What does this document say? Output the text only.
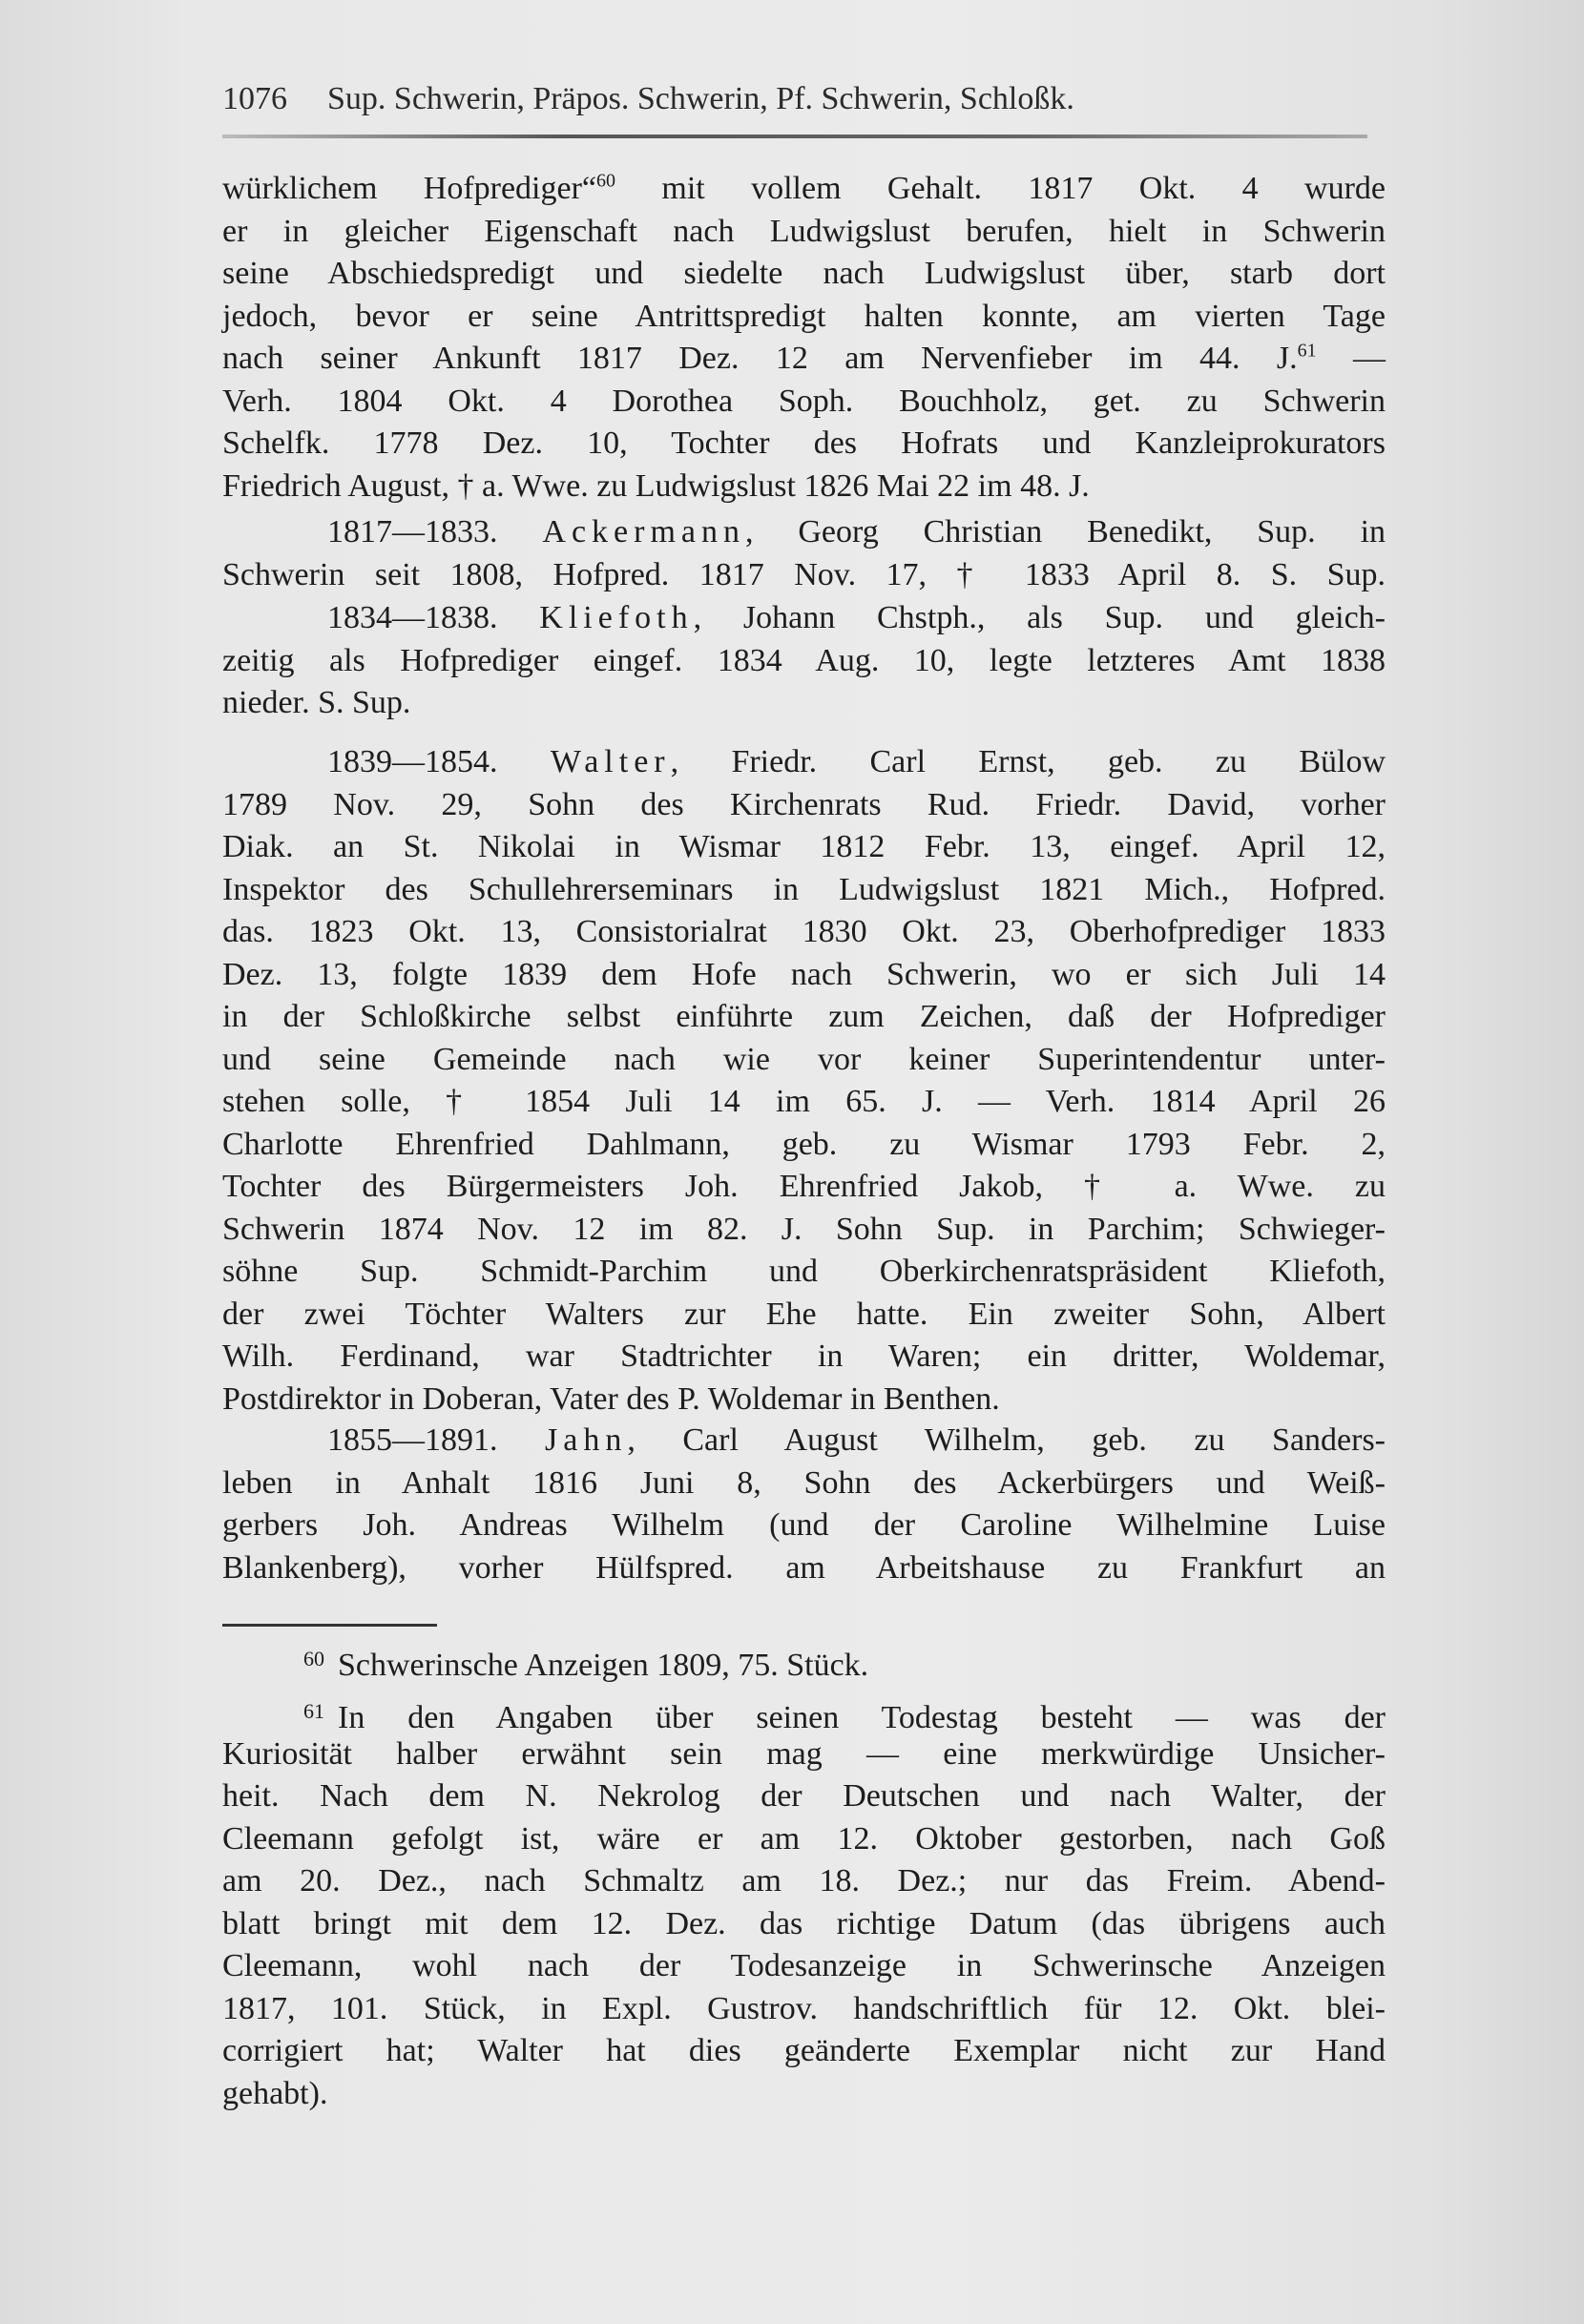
1076 Sup. Schwerin, Präpos. Schwerin, Pf. Schwerin, Schloßk.
würklichem Hofprediger“$^{60}$ mit vollem Gehalt. 1817 Okt. 4 wurde
er in gleicher Eigenschaft nach Ludwigslust berufen, hielt in Schwerin
seine Abschiedspredigt und siedelte nach Ludwigslust über, starb dort
jedoch, bevor er seine Antrittspredigt halten konnte, am vierten Tage
nach seiner Ankunft 1817 Dez. 12 am Nervenfieber im 44. J.$^{61}$ —
Verh. 1804 Okt. 4 Dorothea Soph. Bouchholz, get. zu Schwerin
Schelfk. 1778 Dez. 10, Tochter des Hofrats und Kanzleiprokurators
Friedrich August, † a. Wwe. zu Ludwigslust 1826 Mai 22 im 48. J.
1817—1833. Ackermann, Georg Christian Benedikt, Sup. in
Schwerin seit 1808, Hofpred. 1817 Nov. 17, † 1833 April 8. S. Sup.
1834—1838. Kliefoth, Johann Chstph., als Sup. und gleich-
zeitig als Hofprediger eingef. 1834 Aug. 10, legte letzteres Amt 1838
nieder. S. Sup.
1839—1854. Walter, Friedr. Carl Ernst, geb. zu Bülow
1789 Nov. 29, Sohn des Kirchenrats Rud. Friedr. David, vorher
Diak. an St. Nikolai in Wismar 1812 Febr. 13, eingef. April 12,
Inspektor des Schullehrerseminars in Ludwigslust 1821 Mich., Hofpred.
das. 1823 Okt. 13, Consistorialrat 1830 Okt. 23, Oberhofprediger 1833
Dez. 13, folgte 1839 dem Hofe nach Schwerin, wo er sich Juli 14
in der Schloßkirche selbst einführte zum Zeichen, daß der Hofprediger
und seine Gemeinde nach wie vor keiner Superintendentur unter-
stehen solle, † 1854 Juli 14 im 65. J. — Verh. 1814 April 26
Charlotte Ehrenfried Dahlmann, geb. zu Wismar 1793 Febr. 2,
Tochter des Bürgermeisters Joh. Ehrenfried Jakob, † a. Wwe. zu
Schwerin 1874 Nov. 12 im 82. J. Sohn Sup. in Parchim; Schwieger-
söhne Sup. Schmidt-Parchim und Oberkirchenratspräsident Kliefoth,
der zwei Töchter Walters zur Ehe hatte. Ein zweiter Sohn, Albert
Wilh. Ferdinand, war Stadtrichter in Waren; ein dritter, Woldemar,
Postdirektor in Doberan, Vater des P. Woldemar in Benthen.
1855—1891. Jahn, Carl August Wilhelm, geb. zu Sanders-
leben in Anhalt 1816 Juni 8, Sohn des Ackerbürgers und Weiß-
gerbers Joh. Andreas Wilhelm (und der Caroline Wilhelmine Luise
Blankenberg), vorher Hülfspred. am Arbeitshause zu Frankfurt an
$^{60}$ Schwerinsche Anzeigen 1809, 75. Stück.
$^{61}$ In den Angaben über seinen Todestag besteht — was der
Kuriosität halber erwähnt sein mag — eine merkwürdige Unsicher-
heit. Nach dem N. Nekrolog der Deutschen und nach Walter, der
Cleemann gefolgt ist, wäre er am 12. Oktober gestorben, nach Goß
am 20. Dez., nach Schmaltz am 18. Dez.; nur das Freim. Abend-
blatt bringt mit dem 12. Dez. das richtige Datum (das übrigens auch
Cleemann, wohl nach der Todesanzeige in Schwerinsche Anzeigen
1817, 101. Stück, in Expl. Gustrov. handschriftlich für 12. Okt. blei-
corrigiert hat; Walter hat dies geänderte Exemplar nicht zur Hand
gehabt).
